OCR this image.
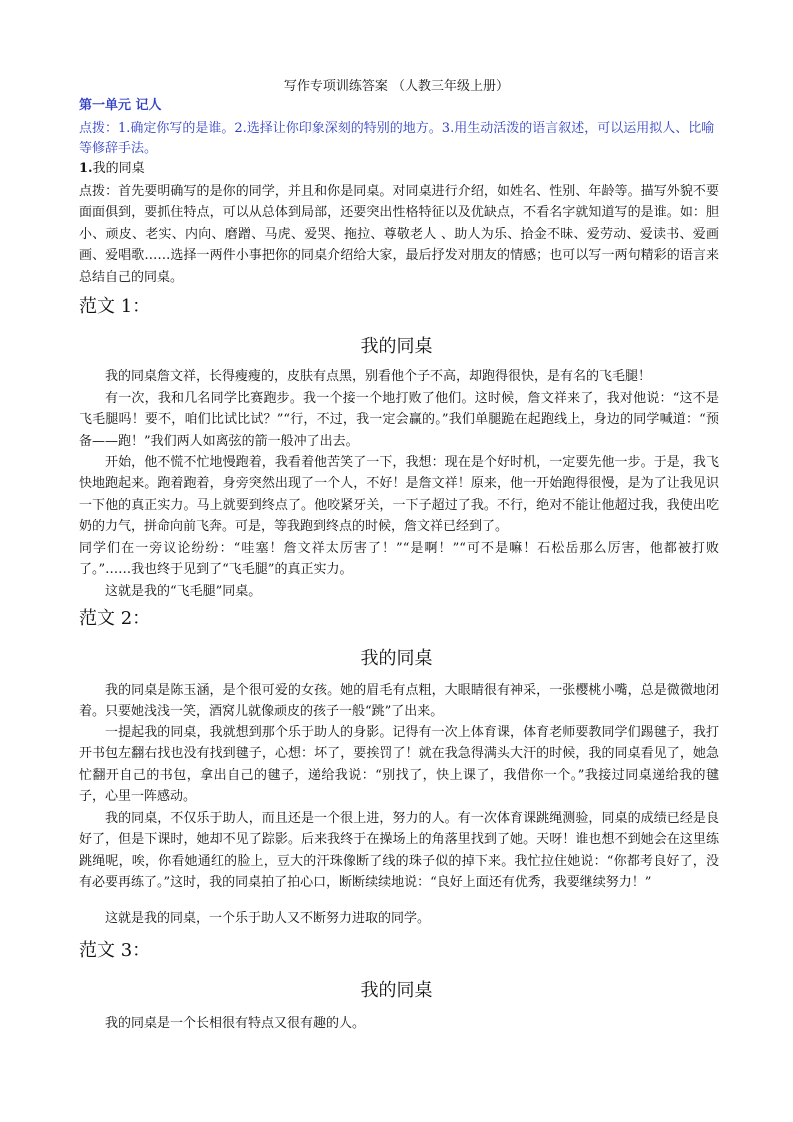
写作专项训练答案 （人教三年级上册）
第一单元 记人
点拨：1.确定你写的是谁。2.选择让你印象深刻的特别的地方。3.用生动活泼的语言叙述，可以运用拟人、比喻等修辞手法。
1.我的同桌
点拨：首先要明确写的是你的同学，并且和你是同桌。对同桌进行介绍，如姓名、性别、年龄等。描写外貌不要面面俱到，要抓住特点，可以从总体到局部，还要突出性格特征以及优缺点，不看名字就知道写的是谁。如：胆小、顽皮、老实、内向、磨蹭、马虎、爱哭、拖拉、尊敬老人 、助人为乐、拾金不昧、爱劳动、爱读书、爱画画、爱唱歌……选择一两件小事把你的同桌介绍给大家，最后抒发对朋友的情感；也可以写一两句精彩的语言来总结自己的同桌。
范文 1：
我的同桌
我的同桌詹文祥，长得瘦瘦的，皮肤有点黑，别看他个子不高，却跑得很快，是有名的飞毛腿！
有一次，我和几名同学比赛跑步。我一个接一个地打败了他们。这时候，詹文祥来了，我对他说：“这不是飞毛腿吗！要不，咱们比试比试？”“行，不过，我一定会赢的。”我们单腿跪在起跑线上，身边的同学喊道：“预备——跑！”我们两人如离弦的箭一般冲了出去。
开始，他不慌不忙地慢跑着，我看着他苦笑了一下，我想：现在是个好时机，一定要先他一步。于是，我飞快地跑起来。跑着跑着，身旁突然出现了一个人，不好！是詹文祥！原来，他一开始跑得很慢，是为了让我见识一下他的真正实力。马上就要到终点了。他咬紧牙关，一下子超过了我。不行，绝对不能让他超过我，我使出吃奶的力气，拼命向前飞奔。可是，等我跑到终点的时候，詹文祥已经到了。
同学们在一旁议论纷纷：“哇塞！詹文祥太厉害了！”“是啊！”“可不是嘛！石松岳那么厉害，他都被打败了。”……我也终于见到了“飞毛腿”的真正实力。
这就是我的“飞毛腿”同桌。
范文 2：
我的同桌
我的同桌是陈玉涵，是个很可爱的女孩。她的眉毛有点粗，大眼睛很有神采，一张樱桃小嘴，总是微微地闭着。只要她浅浅一笑，酒窝儿就像顽皮的孩子一般“跳”了出来。
一提起我的同桌，我就想到那个乐于助人的身影。记得有一次上体育课，体育老师要教同学们踢毽子，我打开书包左翻右找也没有找到毽子，心想：坏了，要挨罚了！就在我急得满头大汗的时候，我的同桌看见了，她急忙翻开自己的书包，拿出自己的毽子，递给我说：“别找了，快上课了，我借你一个。”我接过同桌递给我的毽子，心里一阵感动。
我的同桌，不仅乐于助人，而且还是一个很上进，努力的人。有一次体育课跳绳测验，同桌的成绩已经是良好了，但是下课时，她却不见了踪影。后来我终于在操场上的角落里找到了她。天呀！谁也想不到她会在这里练跳绳呢，唉，你看她通红的脸上，豆大的汗珠像断了线的珠子似的掉下来。我忙拉住她说：“你都考良好了，没有必要再练了。”这时，我的同桌拍了拍心口，断断续续地说：“良好上面还有优秀，我要继续努力！”
这就是我的同桌，一个乐于助人又不断努力进取的同学。
范文 3：
我的同桌
我的同桌是一个长相很有特点又很有趣的人。
